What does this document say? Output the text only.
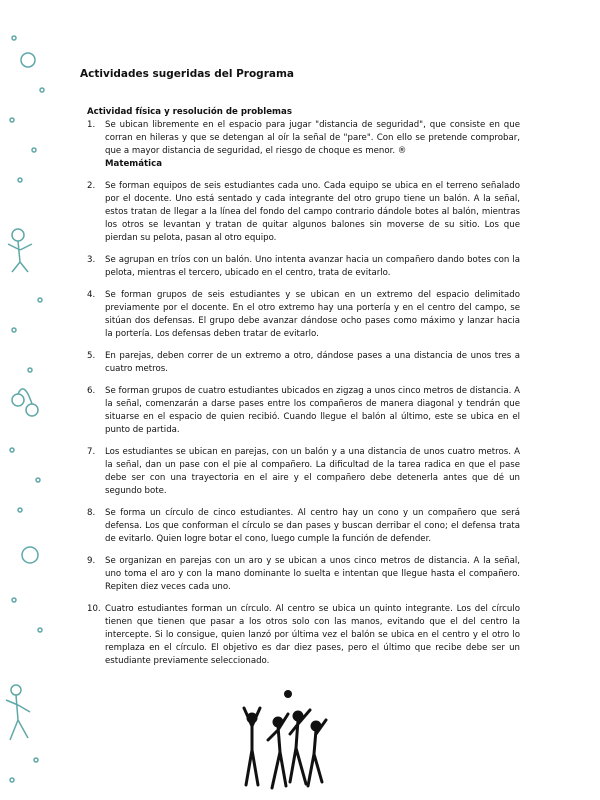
Actividades sugeridas del Programa
Actividad física y resolución de problemas
1. Se ubican libremente en el espacio para jugar "distancia de seguridad", que consiste en que corran en hileras y que se detengan al oír la señal de "pare". Con ello se pretende comprobar, que a mayor distancia de seguridad, el riesgo de choque es menor. ®
Matemática
2. Se forman equipos de seis estudiantes cada uno. Cada equipo se ubica en el terreno señalado por el docente. Uno está sentado y cada integrante del otro grupo tiene un balón. A la señal, estos tratan de llegar a la línea del fondo del campo contrario dándole botes al balón, mientras los otros se levantan y tratan de quitar algunos balones sin moverse de su sitio. Los que pierdan su pelota, pasan al otro equipo.
3. Se agrupan en tríos con un balón. Uno intenta avanzar hacia un compañero dando botes con la pelota, mientras el tercero, ubicado en el centro, trata de evitarlo.
4. Se forman grupos de seis estudiantes y se ubican en un extremo del espacio delimitado previamente por el docente. En el otro extremo hay una portería y en el centro del campo, se sitúan dos defensas. El grupo debe avanzar dándose ocho pases como máximo y lanzar hacia la portería. Los defensas deben tratar de evitarlo.
5. En parejas, deben correr de un extremo a otro, dándose pases a una distancia de unos tres a cuatro metros.
6. Se forman grupos de cuatro estudiantes ubicados en zigzag a unos cinco metros de distancia. A la señal, comenzarán a darse pases entre los compañeros de manera diagonal y tendrán que situarse en el espacio de quien recibió. Cuando llegue el balón al último, este se ubica en el punto de partida.
7. Los estudiantes se ubican en parejas, con un balón y a una distancia de unos cuatro metros. A la señal, dan un pase con el pie al compañero. La dificultad de la tarea radica en que el pase debe ser con una trayectoria en el aire y el compañero debe detenerla antes que dé un segundo bote.
8. Se forma un círculo de cinco estudiantes. Al centro hay un cono y un compañero que será defensa. Los que conforman el círculo se dan pases y buscan derribar el cono; el defensa trata de evitarlo. Quien logre botar el cono, luego cumple la función de defender.
9. Se organizan en parejas con un aro y se ubican a unos cinco metros de distancia. A la señal, uno toma el aro y con la mano dominante lo suelta e intentan que llegue hasta el compañero. Repiten diez veces cada uno.
10. Cuatro estudiantes forman un círculo. Al centro se ubica un quinto integrante. Los del círculo tienen que tienen que pasar a los otros solo con las manos, evitando que el del centro la intercepte. Si lo consigue, quien lanzó por última vez el balón se ubica en el centro y el otro lo remplaza en el círculo. El objetivo es dar diez pases, pero el último que recibe debe ser un estudiante previamente seleccionado.
